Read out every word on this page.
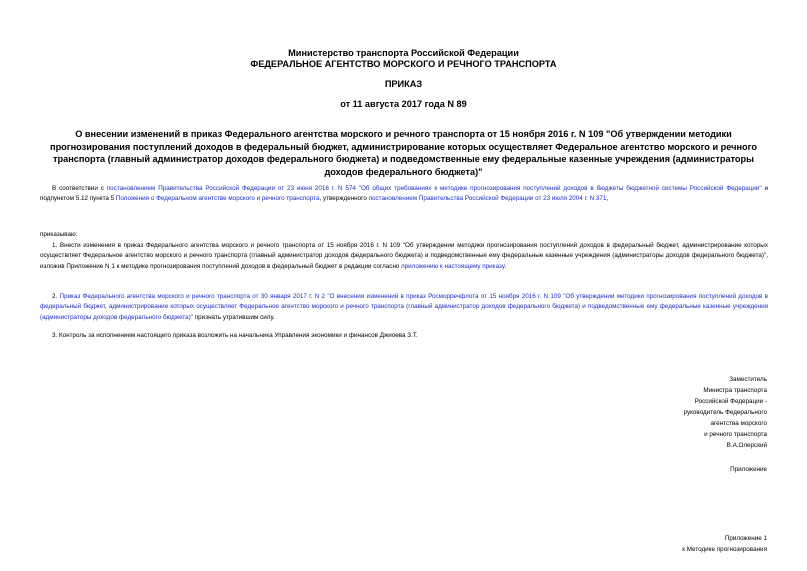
Министерство транспорта Российской Федерации

ФЕДЕРАЛЬНОЕ АГЕНТСТВО МОРСКОГО И РЕЧНОГО ТРАНСПОРТА

ПРИКАЗ

от 11 августа 2017 года N 89

О внесении изменений в приказ Федерального агентства морского и речного транспорта от 15 ноября 2016 г. N 109 "Об утверждении методики прогнозирования поступлений доходов в федеральный бюджет, администрирование которых осуществляет Федеральное агентство морского и речного транспорта (главный администратор доходов федерального бюджета) и подведомственные ему федеральные казенные учреждения (администраторы доходов федерального бюджета)"

В соответствии с постановлением Правительства Российской Федерации от 23 июня 2016 г. N 574 "Об общих требованиях к методике прогнозирования поступлений доходов в бюджеты бюджетной системы Российской Федерации" и подпунктом 5.12 пункта 5 Положения о Федеральном агентстве морского и речного транспорта, утвержденного постановлением Правительства Российской Федерации от 23 июля 2004 г. N 371,

приказываю:

1. Внести изменения в приказ Федерального агентства морского и речного транспорта от 15 ноября 2016 г. N 109 "Об утверждении методики прогнозирования поступлений доходов в федеральный бюджет, администрирование которых осуществляет Федеральное агентство морского и речного транспорта (главный администратор доходов федерального бюджета) и подведомственные ему федеральные казенные учреждения (администраторы доходов федерального бюджета)", изложив Приложение N 1 к методике прогнозирования поступлений доходов в федеральный бюджет в редакции согласно приложению к настоящему приказу.

2. Приказ Федерального агентства морского и речного транспорта от 30 января 2017 г. N 2 "О внесении изменений в приказ Росморречфлота от 15 ноября 2016 г. N 109 "Об утверждении методики прогнозирования поступлений доходов в федеральный бюджет, администрирование которых осуществляет Федеральное агентство морского и речного транспорта (главный администратор доходов федерального бюджета) и подведомственные ему федеральные казенные учреждения (администраторы доходов федерального бюджета)" признать утратившим силу.

3. Контроль за исполнением настоящего приказа возложить на начальника Управления экономики и финансов Джиоева З.Т.

Заместитель
Министра транспорта
Российской Федерации -
руководитель Федерального
агентства морского
и речного транспорта
В.А.Олерский

Приложение

Приложение 1
к Методике прогнозирования
